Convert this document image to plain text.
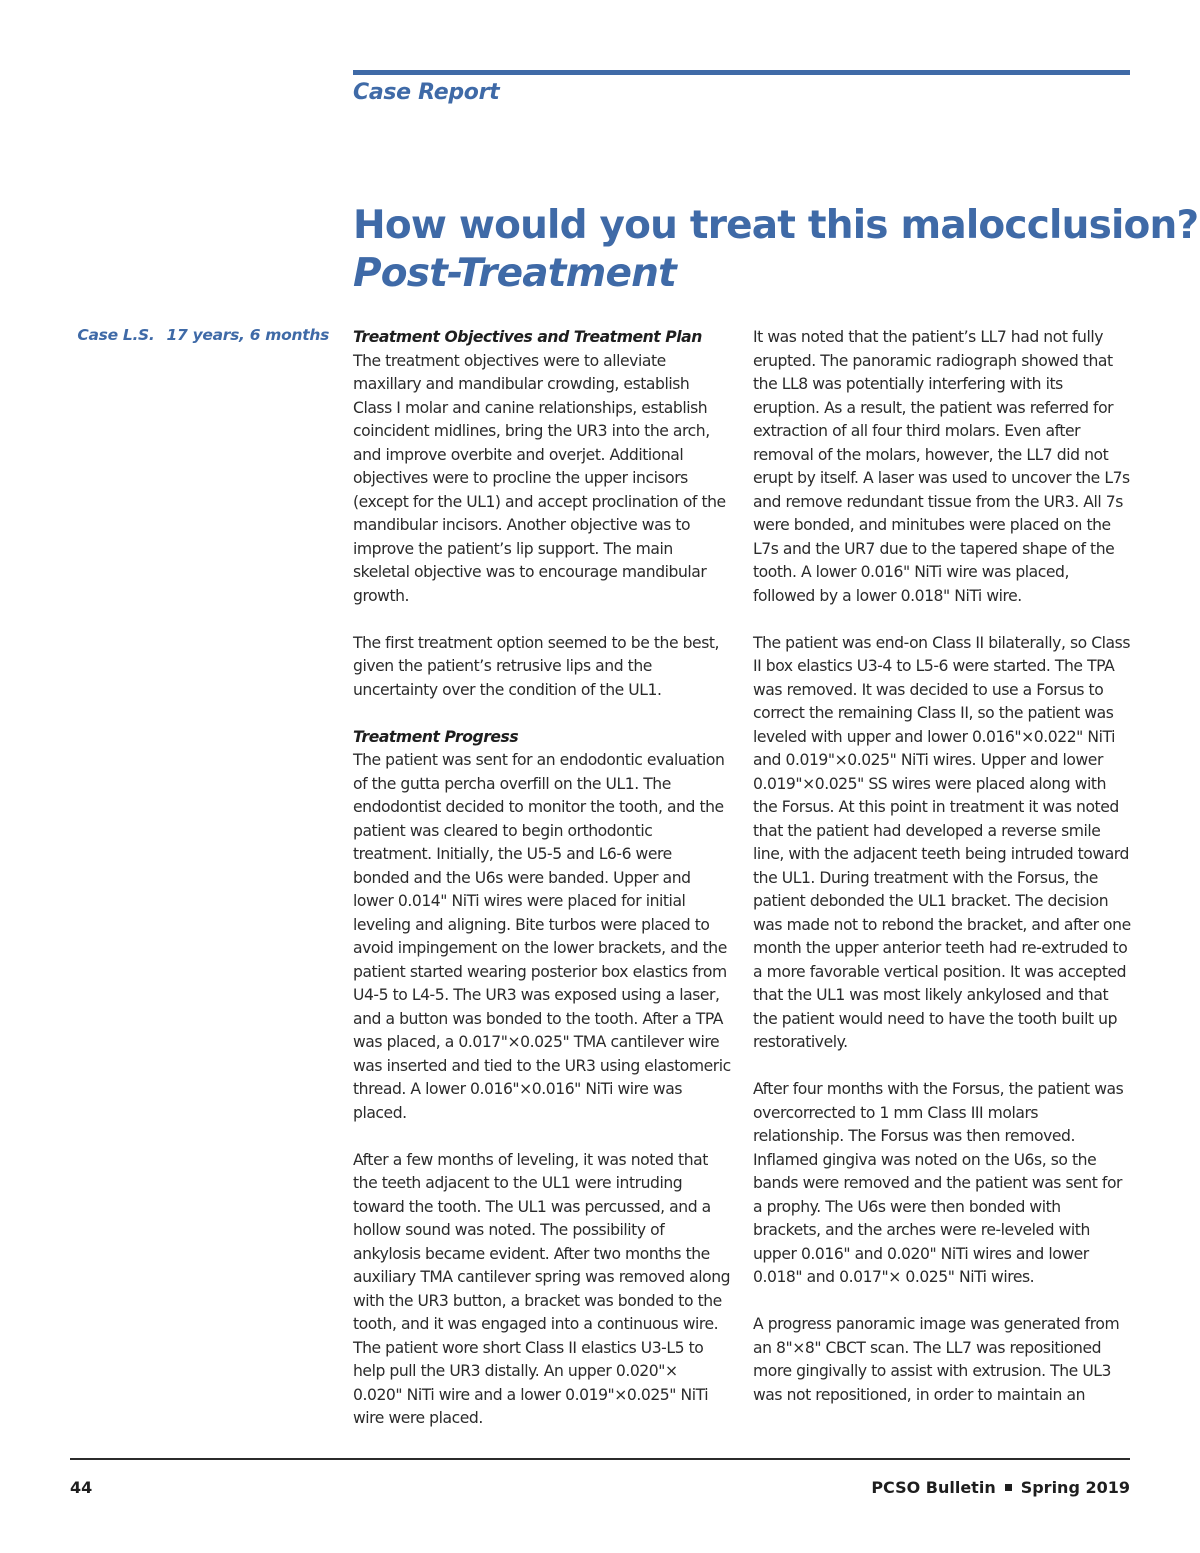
Case Report
How would you treat this malocclusion?
Post-Treatment
Case L.S. 17 years, 6 months Treatment Objectives and Treatment Plan
The treatment objectives were to alleviate maxillary and mandibular crowding, establish Class I molar and canine relationships, establish coincident midlines, bring the UR3 into the arch, and improve overbite and overjet. Additional objectives were to procline the upper incisors (except for the UL1) and accept proclination of the mandibular incisors. Another objective was to improve the patient’s lip support. The main skeletal objective was to encourage mandibular growth.

The first treatment option seemed to be the best, given the patient’s retrusive lips and the uncertainty over the condition of the UL1.

Treatment Progress
The patient was sent for an endodontic evaluation of the gutta percha overfill on the UL1. The endodontist decided to monitor the tooth, and the patient was cleared to begin orthodontic treatment. Initially, the U5-5 and L6-6 were bonded and the U6s were banded. Upper and lower 0.014" NiTi wires were placed for initial leveling and aligning. Bite turbos were placed to avoid impingement on the lower brackets, and the patient started wearing posterior box elastics from U4-5 to L4-5. The UR3 was exposed using a laser, and a button was bonded to the tooth. After a TPA was placed, a 0.017"×0.025" TMA cantilever wire was inserted and tied to the UR3 using elastomeric thread. A lower 0.016"×0.016" NiTi wire was placed.

After a few months of leveling, it was noted that the teeth adjacent to the UL1 were intruding toward the tooth. The UL1 was percussed, and a hollow sound was noted. The possibility of ankylosis became evident. After two months the auxiliary TMA cantilever spring was removed along with the UR3 button, a bracket was bonded to the tooth, and it was engaged into a continuous wire. The patient wore short Class II elastics U3-L5 to help pull the UR3 distally. An upper 0.020"× 0.020" NiTi wire and a lower 0.019"×0.025" NiTi wire were placed.

It was noted that the patient’s LL7 had not fully erupted. The panoramic radiograph showed that the LL8 was potentially interfering with its eruption. As a result, the patient was referred for extraction of all four third molars. Even after removal of the molars, however, the LL7 did not erupt by itself. A laser was used to uncover the L7s and remove redundant tissue from the UR3. All 7s were bonded, and minitubes were placed on the L7s and the UR7 due to the tapered shape of the tooth. A lower 0.016" NiTi wire was placed, followed by a lower 0.018" NiTi wire.

The patient was end-on Class II bilaterally, so Class II box elastics U3-4 to L5-6 were started. The TPA was removed. It was decided to use a Forsus to correct the remaining Class II, so the patient was leveled with upper and lower 0.016"×0.022" NiTi and 0.019"×0.025" NiTi wires. Upper and lower 0.019"×0.025" SS wires were placed along with the Forsus. At this point in treatment it was noted that the patient had developed a reverse smile line, with the adjacent teeth being intruded toward the UL1. During treatment with the Forsus, the patient debonded the UL1 bracket. The decision was made not to rebond the bracket, and after one month the upper anterior teeth had re-extruded to a more favorable vertical position. It was accepted that the UL1 was most likely ankylosed and that the patient would need to have the tooth built up restoratively.

After four months with the Forsus, the patient was overcorrected to 1 mm Class III molars relationship. The Forsus was then removed. Inflamed gingiva was noted on the U6s, so the bands were removed and the patient was sent for a prophy. The U6s were then bonded with brackets, and the arches were re-leveled with upper 0.016" and 0.020" NiTi wires and lower 0.018" and 0.017"× 0.025" NiTi wires.

A progress panoramic image was generated from an 8"×8" CBCT scan. The LL7 was repositioned more gingivally to assist with extrusion. The UL3 was not repositioned, in order to maintain an

44	PCSO Bulletin Spring 2019
